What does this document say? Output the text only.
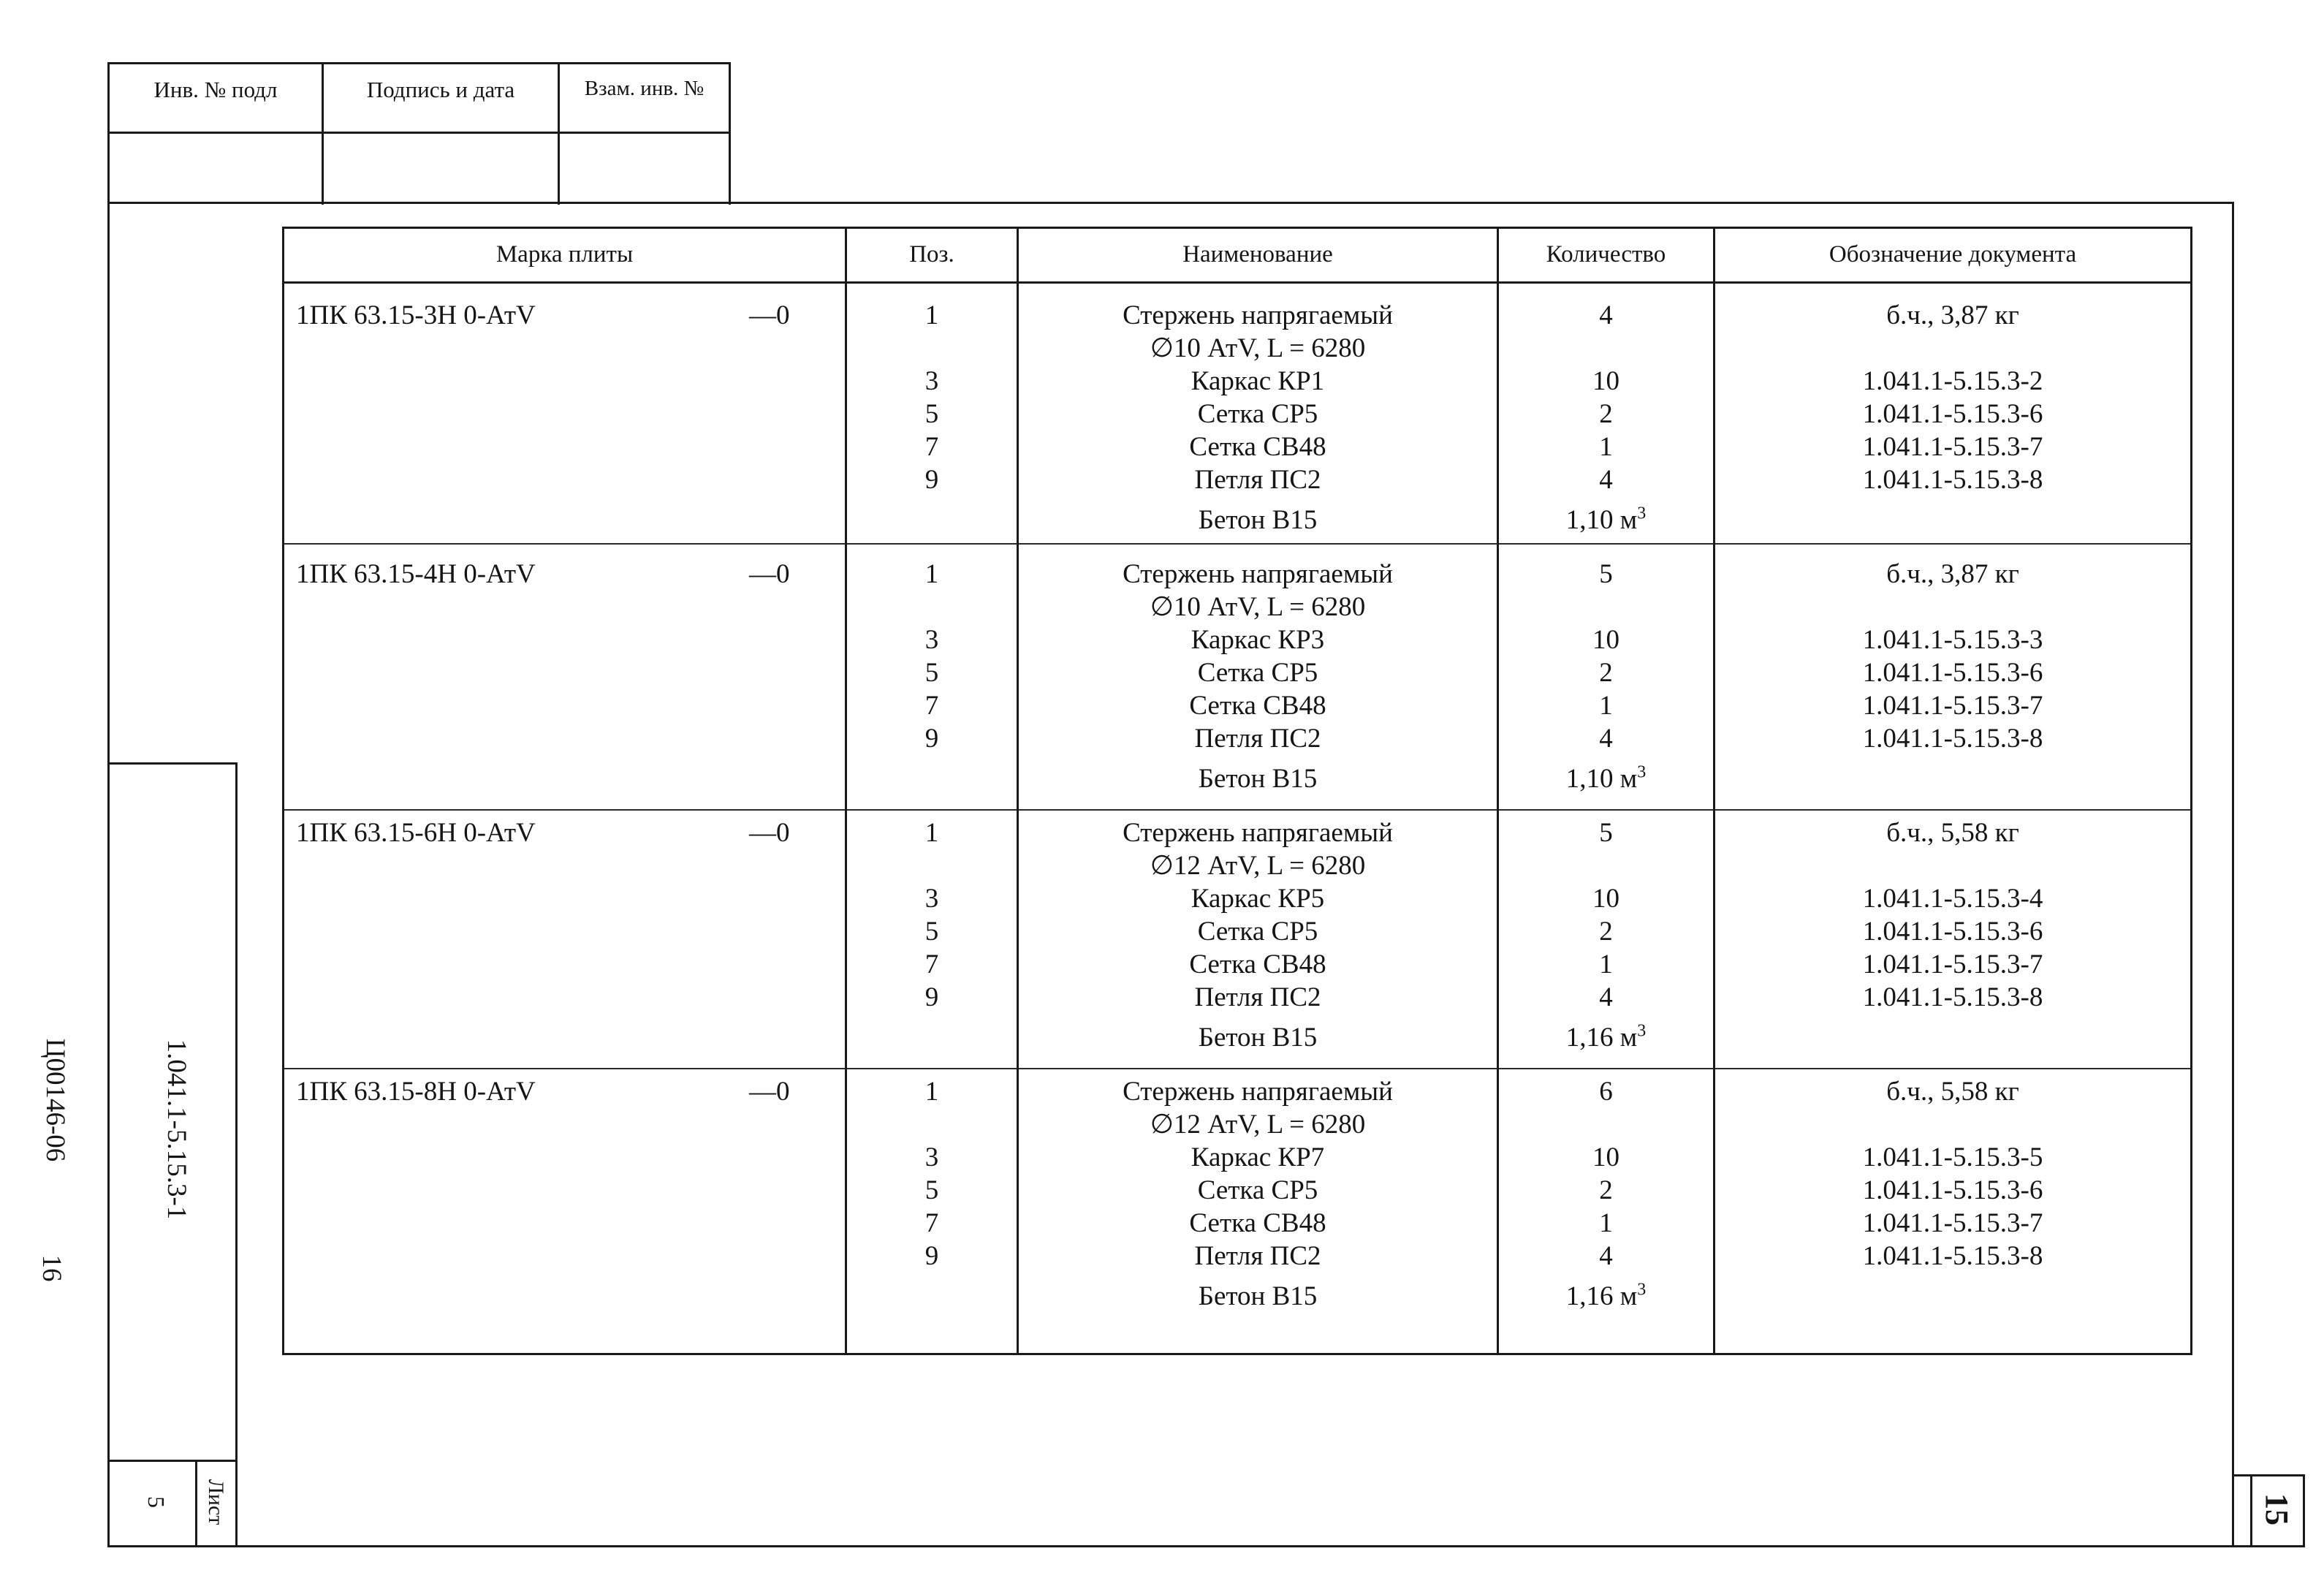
Инв. № подл	Подпись и дата	Взам. инв. №
1.041.1-5.15.3-1
Лист
5	15
Ц00146-06
16
Марка плиты	Поз.	Наименование	Количество	Обозначение документа
1ПК 63.15-3Н 0-АтV	—0	1	Стержень напрягаемый	4	б.ч., 3,87 кг
∅10 АтV, L = 6280
3	Каркас КР1	10	1.041.1-5.15.3-2
5	Сетка СР5	2	1.041.1-5.15.3-6
7	Сетка СВ48	1	1.041.1-5.15.3-7
9	Петля ПС2	4	1.041.1-5.15.3-8
Бетон В15	1,10 $м^3$
1ПК 63.15-4Н 0-АтV	—0	1	Стержень напрягаемый	5	б.ч., 3,87 кг
∅10 АтV, L = 6280
3	Каркас КР3	10	1.041.1-5.15.3-3
5	Сетка СР5	2	1.041.1-5.15.3-6
7	Сетка СВ48	1	1.041.1-5.15.3-7
9	Петля ПС2	4	1.041.1-5.15.3-8
Бетон В15	1,10 $м^3$
1ПК 63.15-6Н 0-АтV	—0	1	Стержень напрягаемый	5	б.ч., 5,58 кг
∅12 АтV, L = 6280
3	Каркас КР5	10	1.041.1-5.15.3-4
5	Сетка СР5	2	1.041.1-5.15.3-6
7	Сетка СВ48	1	1.041.1-5.15.3-7
9	Петля ПС2	4	1.041.1-5.15.3-8
Бетон В15	1,16 $м^3$
1ПК 63.15-8Н 0-АтV	—0	1	Стержень напрягаемый	6	б.ч., 5,58 кг
∅12 АтV, L = 6280
3	Каркас КР7	10	1.041.1-5.15.3-5
5	Сетка СР5	2	1.041.1-5.15.3-6
7	Сетка СВ48	1	1.041.1-5.15.3-7
9	Петля ПС2	4	1.041.1-5.15.3-8
Бетон В15	1,16 $м^3$
